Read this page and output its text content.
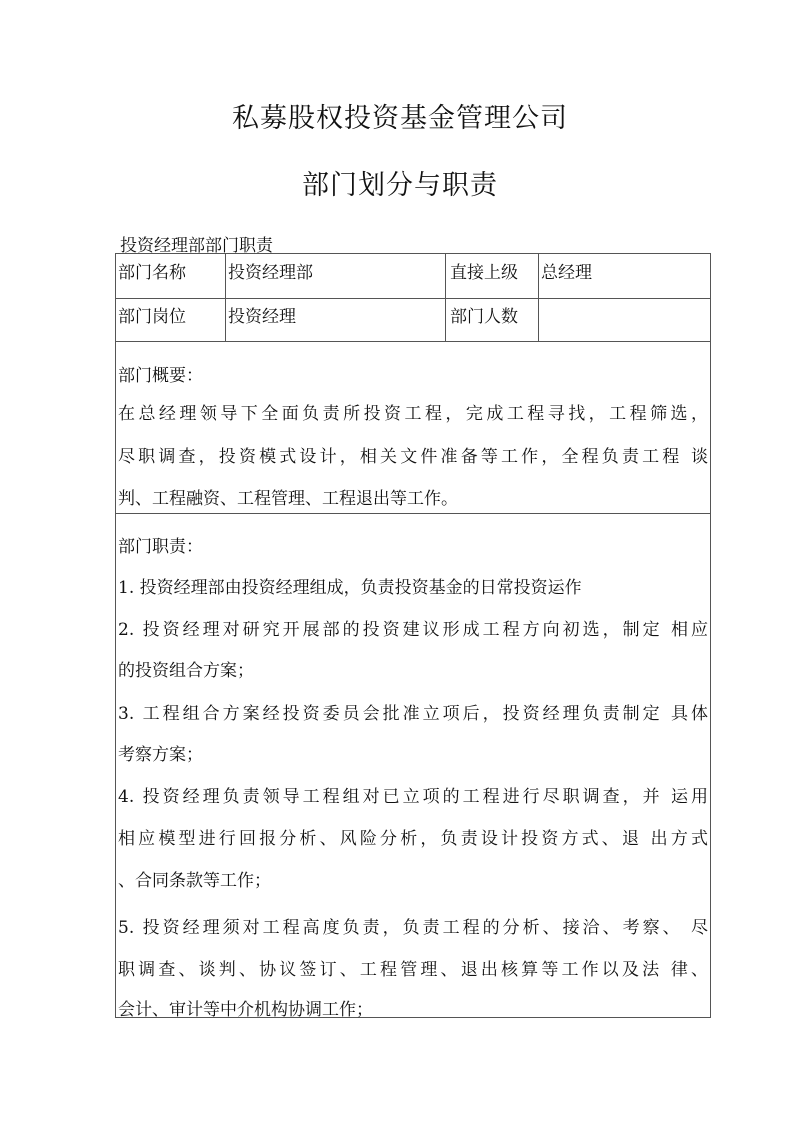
私募股权投资基金管理公司
部门划分与职责
投资经理部部门职责
部门名称 投资经理部	直接上级 总经理
部门岗位 投资经理	部门人数
部门概要：
在总经理领导下全面负责所投资工程，完成工程寻找，工程筛选，
尽职调查，投资模式设计，相关文件准备等工作，全程负责工程 谈
判、工程融资、工程管理、工程退出等工作。
部门职责：
1. 投资经理部由投资经理组成，负责投资基金的日常投资运作
2. 投资经理对研究开展部的投资建议形成工程方向初选，制定 相应
的投资组合方案；
3. 工程组合方案经投资委员会批准立项后，投资经理负责制定 具体
考察方案；
4. 投资经理负责领导工程组对已立项的工程进行尽职调查，并 运用
相应模型进行回报分析、风险分析，负责设计投资方式、退 出方式
、合同条款等工作；
5. 投资经理须对工程高度负责，负责工程的分析、接洽、考察、 尽
职调查、谈判、协议签订、工程管理、退出核算等工作以及法 律、
会计、审计等中介机构协调工作；
